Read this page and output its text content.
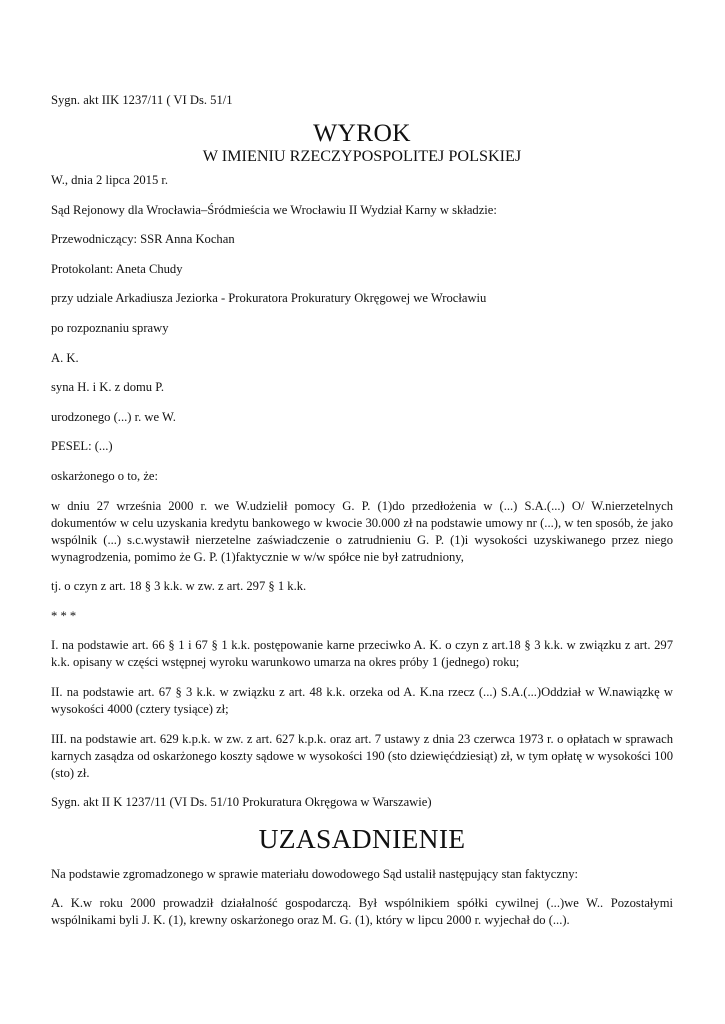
Sygn. akt IIK 1237/11 ( VI Ds. 51/1

WYROK

W IMIENIU RZECZYPOSPOLITEJ POLSKIEJ

W., dnia 2 lipca 2015 r.

Sąd Rejonowy dla Wrocławia–Śródmieścia we Wrocławiu II Wydział Karny w składzie:

Przewodniczący: SSR Anna Kochan

Protokolant: Aneta Chudy

przy udziale Arkadiusza Jeziorka - Prokuratora Prokuratury Okręgowej we Wrocławiu

po rozpoznaniu sprawy

A. K.

syna H. i K. z domu P.

urodzonego (...) r. we W.

PESEL: (...)

oskarżonego o to, że:

w dniu 27 września 2000 r. we W.udzielił pomocy G. P. (1)do przedłożenia w (...) S.A.(...) O/ W.nierzetelnych dokumentów w celu uzyskania kredytu bankowego w kwocie 30.000 zł na podstawie umowy nr (...), w ten sposób, że jako wspólnik (...) s.c.wystawił nierzetelne zaświadczenie o zatrudnieniu G. P. (1)i wysokości uzyskiwanego przez niego wynagrodzenia, pomimo że G. P. (1)faktycznie w w/w spółce nie był zatrudniony,

tj. o czyn z art. 18 § 3 k.k. w zw. z art. 297 § 1 k.k.

* * *

I. na podstawie art. 66 § 1 i 67 § 1 k.k. postępowanie karne przeciwko A. K. o czyn z art.18 § 3 k.k. w związku z art. 297 k.k. opisany w części wstępnej wyroku warunkowo umarza na okres próby 1 (jednego) roku;

II. na podstawie art. 67 § 3 k.k. w związku z art. 48 k.k. orzeka od A. K.na rzecz (...) S.A.(...)Oddział w W.nawiązkę w wysokości 4000 (cztery tysiące) zł;

III. na podstawie art. 629 k.p.k. w zw. z art. 627 k.p.k. oraz art. 7 ustawy z dnia 23 czerwca 1973 r. o opłatach w sprawach karnych zasądza od oskarżonego koszty sądowe w wysokości 190 (sto dziewięćdziesiąt) zł, w tym opłatę w wysokości 100 (sto) zł.

Sygn. akt II K 1237/11 (VI Ds. 51/10 Prokuratura Okręgowa w Warszawie)

UZASADNIENIE

Na podstawie zgromadzonego w sprawie materiału dowodowego Sąd ustalił następujący stan faktyczny:

A. K.w roku 2000 prowadził działalność gospodarczą. Był wspólnikiem spółki cywilnej (...)we W.. Pozostałymi wspólnikami byli J. K. (1), krewny oskarżonego oraz M. G. (1), który w lipcu 2000 r. wyjechał do (...).
